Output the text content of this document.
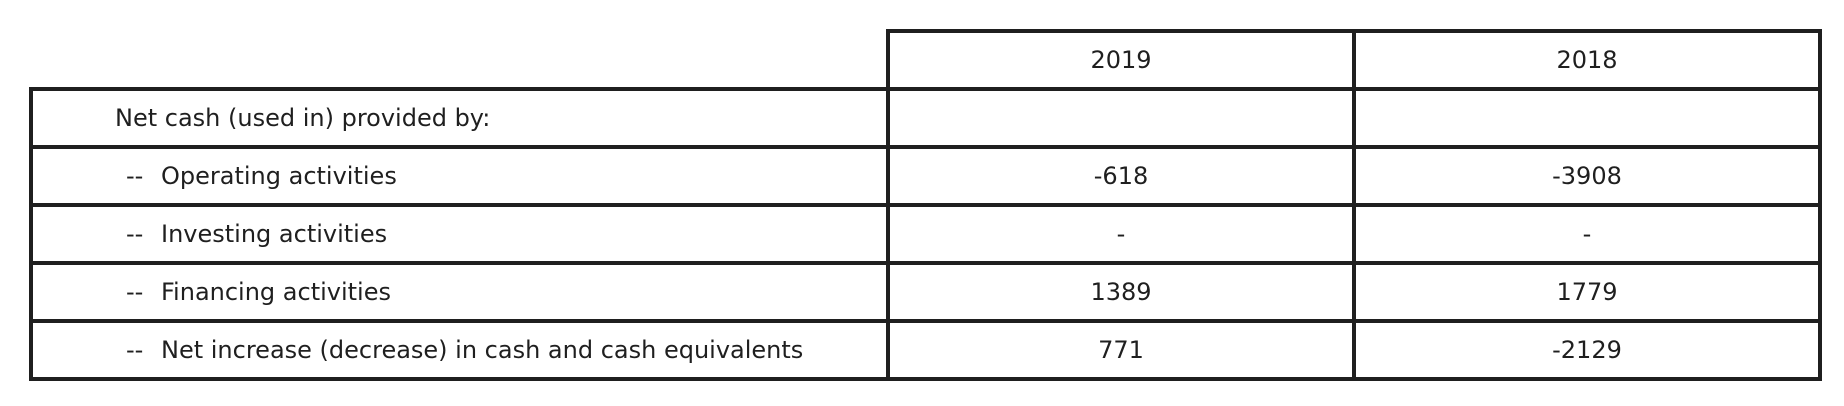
	2019	2018
Net cash (used in) provided by:		
-- Operating activities	-618	-3908
-- Investing activities	-	-
-- Financing activities	1389	1779
-- Net increase (decrease) in cash and cash equivalents	771	-2129
